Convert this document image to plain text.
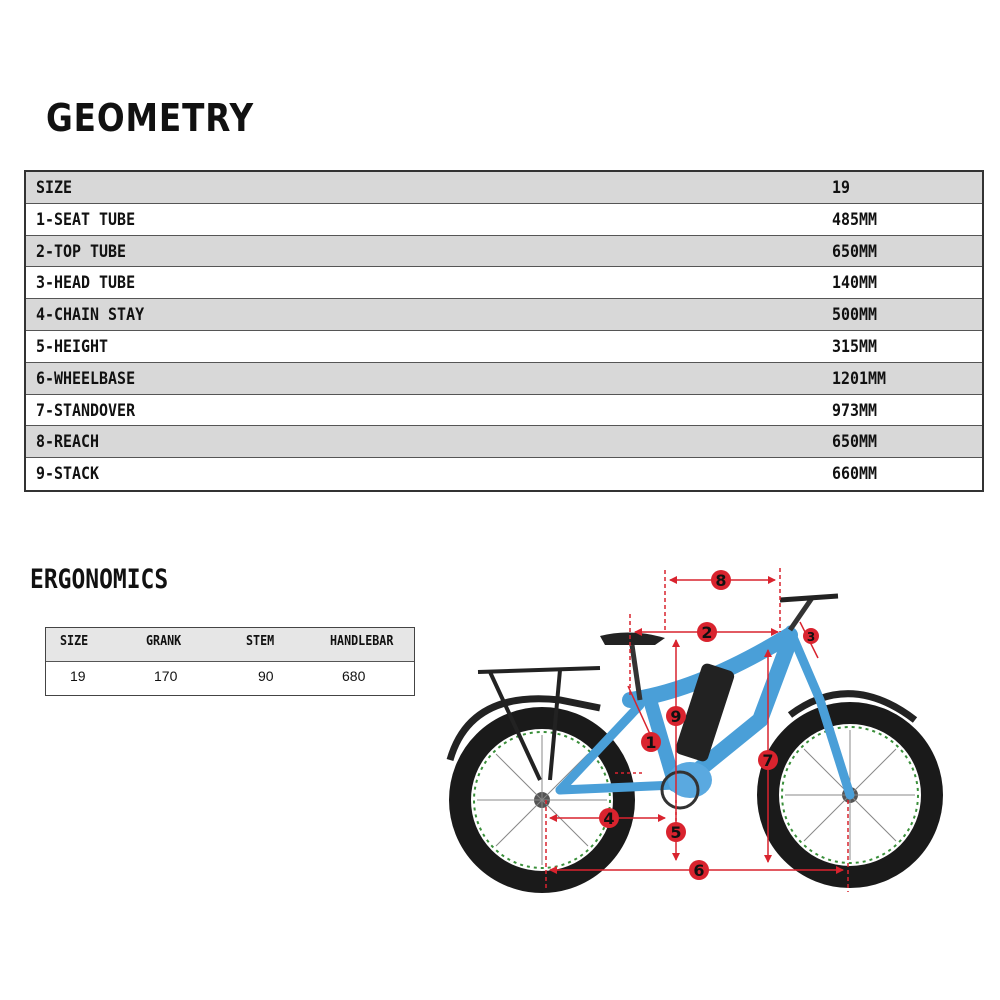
GEOMETRY
SIZE	19
1-SEAT TUBE	485MM
2-TOP TUBE	650MM
3-HEAD TUBE	140MM
4-CHAIN STAY	500MM
5-HEIGHT	315MM
6-WHEELBASE	1201MM
7-STANDOVER	973MM
8-REACH	650MM
9-STACK	660MM
ERGONOMICS
SIZE	GRANK	STEM	HANDLEBAR
19	170	90	680
8
2	3
9
1
7
4
5
6
